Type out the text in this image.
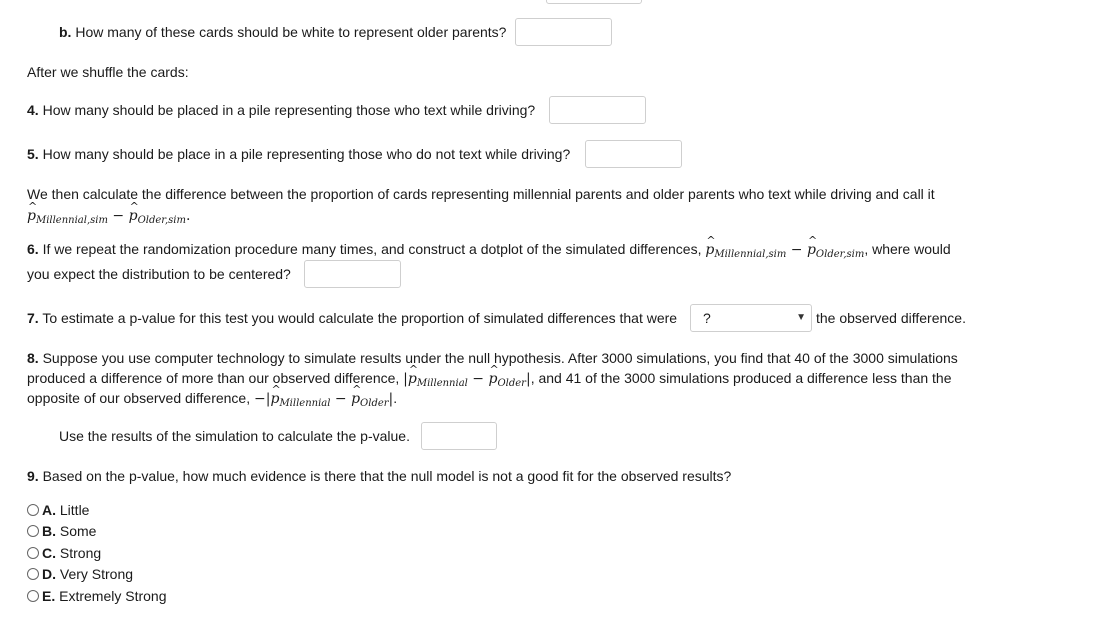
b. How many of these cards should be white to represent older parents?
After we shuffle the cards:
4. How many should be placed in a pile representing those who text while driving?
5. How many should be place in a pile representing those who do not text while driving?
We then calculate the difference between the proportion of cards representing millennial parents and older parents who text while driving and call it
^ $p_{Millennial,sim}$ − ^ $p_{Older,sim}$.
6. If we repeat the randomization procedure many times, and construct a dotplot of the simulated differences, ^ $p_{Millennial,sim}$ − ^ $p_{Older,sim}$, where would
you expect the distribution to be centered?
7. To estimate a p-value for this test you would calculate the proportion of simulated differences that were	?	▼ the observed difference.
8. Suppose you use computer technology to simulate results under the null hypothesis. After 3000 simulations, you find that 40 of the 3000 simulations
produced a difference of more than our observed difference, |^ $p_{Millennial}$ − ^ $p_{Older}|$, and 41 of the 3000 simulations produced a difference less than the
opposite of our observed difference, −|^ $p_{Millennial}$ − ^ $p_{Older}|$.
Use the results of the simulation to calculate the p-value.
9. Based on the p-value, how much evidence is there that the null model is not a good fit for the observed results?
A. Little
B. Some
C. Strong
D. Very Strong
E. Extremely Strong
